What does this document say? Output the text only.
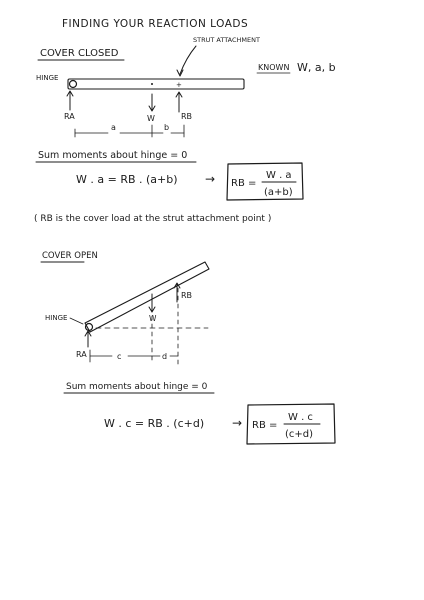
FINDING YOUR REACTION LOADS
COVER CLOSED
STRUT ATTACHMENT
HINGE
+
RA	W	RB
KNOWN W, a, b
a	b
Sum moments about hinge = 0
W . a = RB . (a+b) → RB =
W . a
(a+b)
( RB is the cover load at the strut attachment point )
COVER OPEN
HINGE	W
RB
RA	c	d
Sum moments about hinge = 0
W . c = RB . (c+d) → RB =
W . c
(c+d)
